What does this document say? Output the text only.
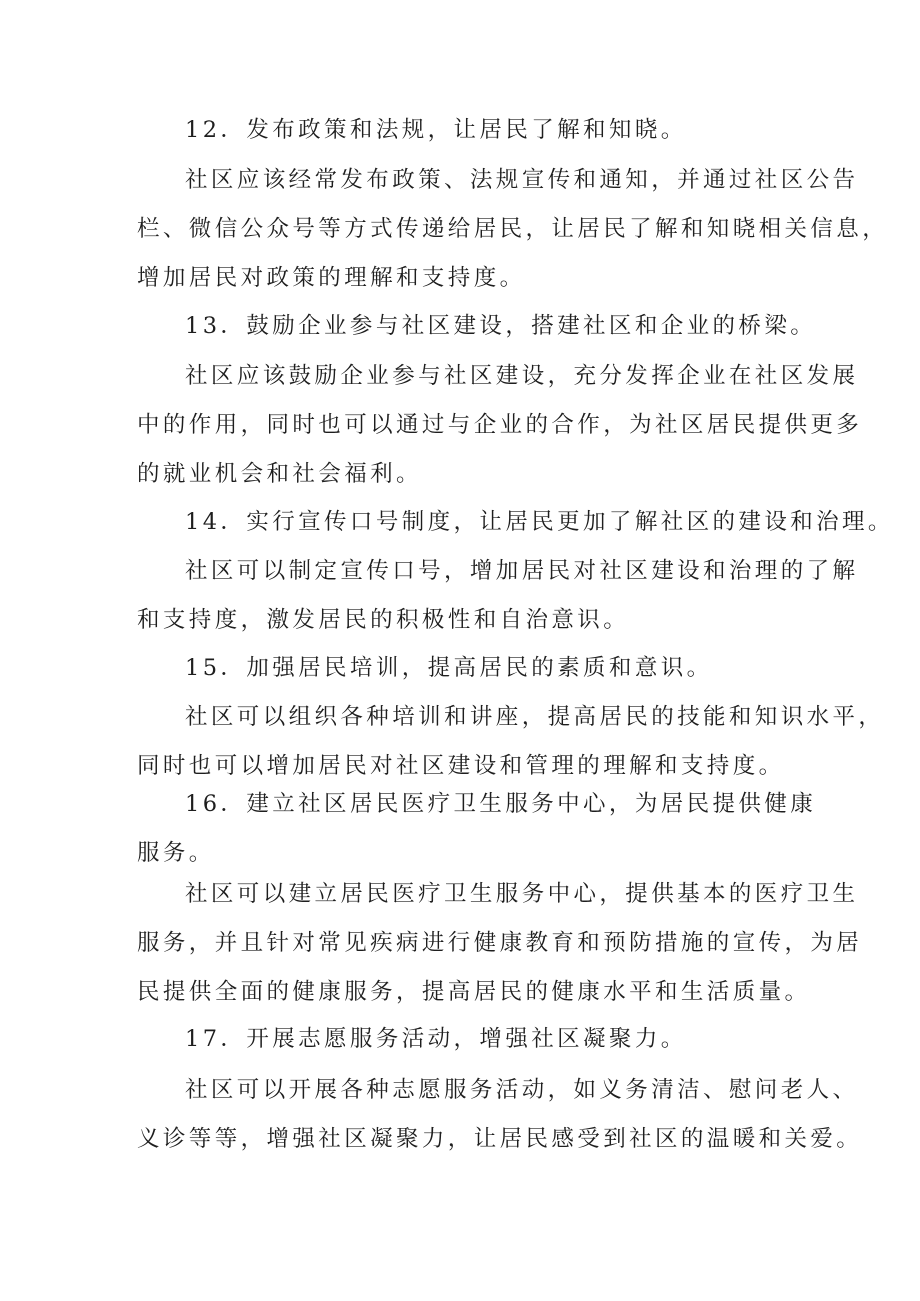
12．发布政策和法规，让居民了解和知晓。

社区应该经常发布政策、法规宣传和通知，并通过社区公告
栏、微信公众号等方式传递给居民，让居民了解和知晓相关信息，
增加居民对政策的理解和支持度。

13．鼓励企业参与社区建设，搭建社区和企业的桥梁。

社区应该鼓励企业参与社区建设，充分发挥企业在社区发展
中的作用，同时也可以通过与企业的合作，为社区居民提供更多
的就业机会和社会福利。

14．实行宣传口号制度，让居民更加了解社区的建设和治理。

社区可以制定宣传口号，增加居民对社区建设和治理的了解
和支持度，激发居民的积极性和自治意识。

15．加强居民培训，提高居民的素质和意识。

社区可以组织各种培训和讲座，提高居民的技能和知识水平，
同时也可以增加居民对社区建设和管理的理解和支持度。

16．建立社区居民医疗卫生服务中心，为居民提供健康
服务。

社区可以建立居民医疗卫生服务中心，提供基本的医疗卫生
服务，并且针对常见疾病进行健康教育和预防措施的宣传，为居
民提供全面的健康服务，提高居民的健康水平和生活质量。

17．开展志愿服务活动，增强社区凝聚力。

社区可以开展各种志愿服务活动，如义务清洁、慰问老人、
义诊等等，增强社区凝聚力，让居民感受到社区的温暖和关爱。
